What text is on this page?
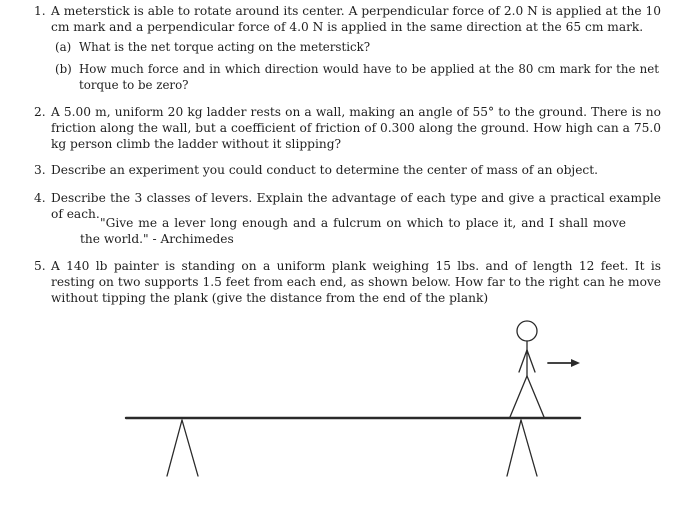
1. A meterstick is able to rotate around its center. A perpendicular force of 2.0 N is applied at the 10 cm mark and a perpendicular force of 4.0 N is applied in the same direction at the 65 cm mark.
(a) What is the net torque acting on the meterstick?
(b) How much force and in which direction would have to be applied at the 80 cm mark for the net torque to be zero?
2. A 5.00 m, uniform 20 kg ladder rests on a wall, making an angle of 55° to the ground. There is no friction along the wall, but a coefficient of friction of 0.300 along the ground. How high can a 75.0 kg person climb the ladder without it slipping?
3. Describe an experiment you could conduct to determine the center of mass of an object.
4. Describe the 3 classes of levers. Explain the advantage of each type and give a practical example of each.
"Give me a lever long enough and a fulcrum on which to place it, and I shall move the world." - Archimedes
5. A 140 lb painter is standing on a uniform plank weighing 15 lbs. and of length 12 feet. It is resting on two supports 1.5 feet from each end, as shown below. How far to the right can he move without tipping the plank (give the distance from the end of the plank)
